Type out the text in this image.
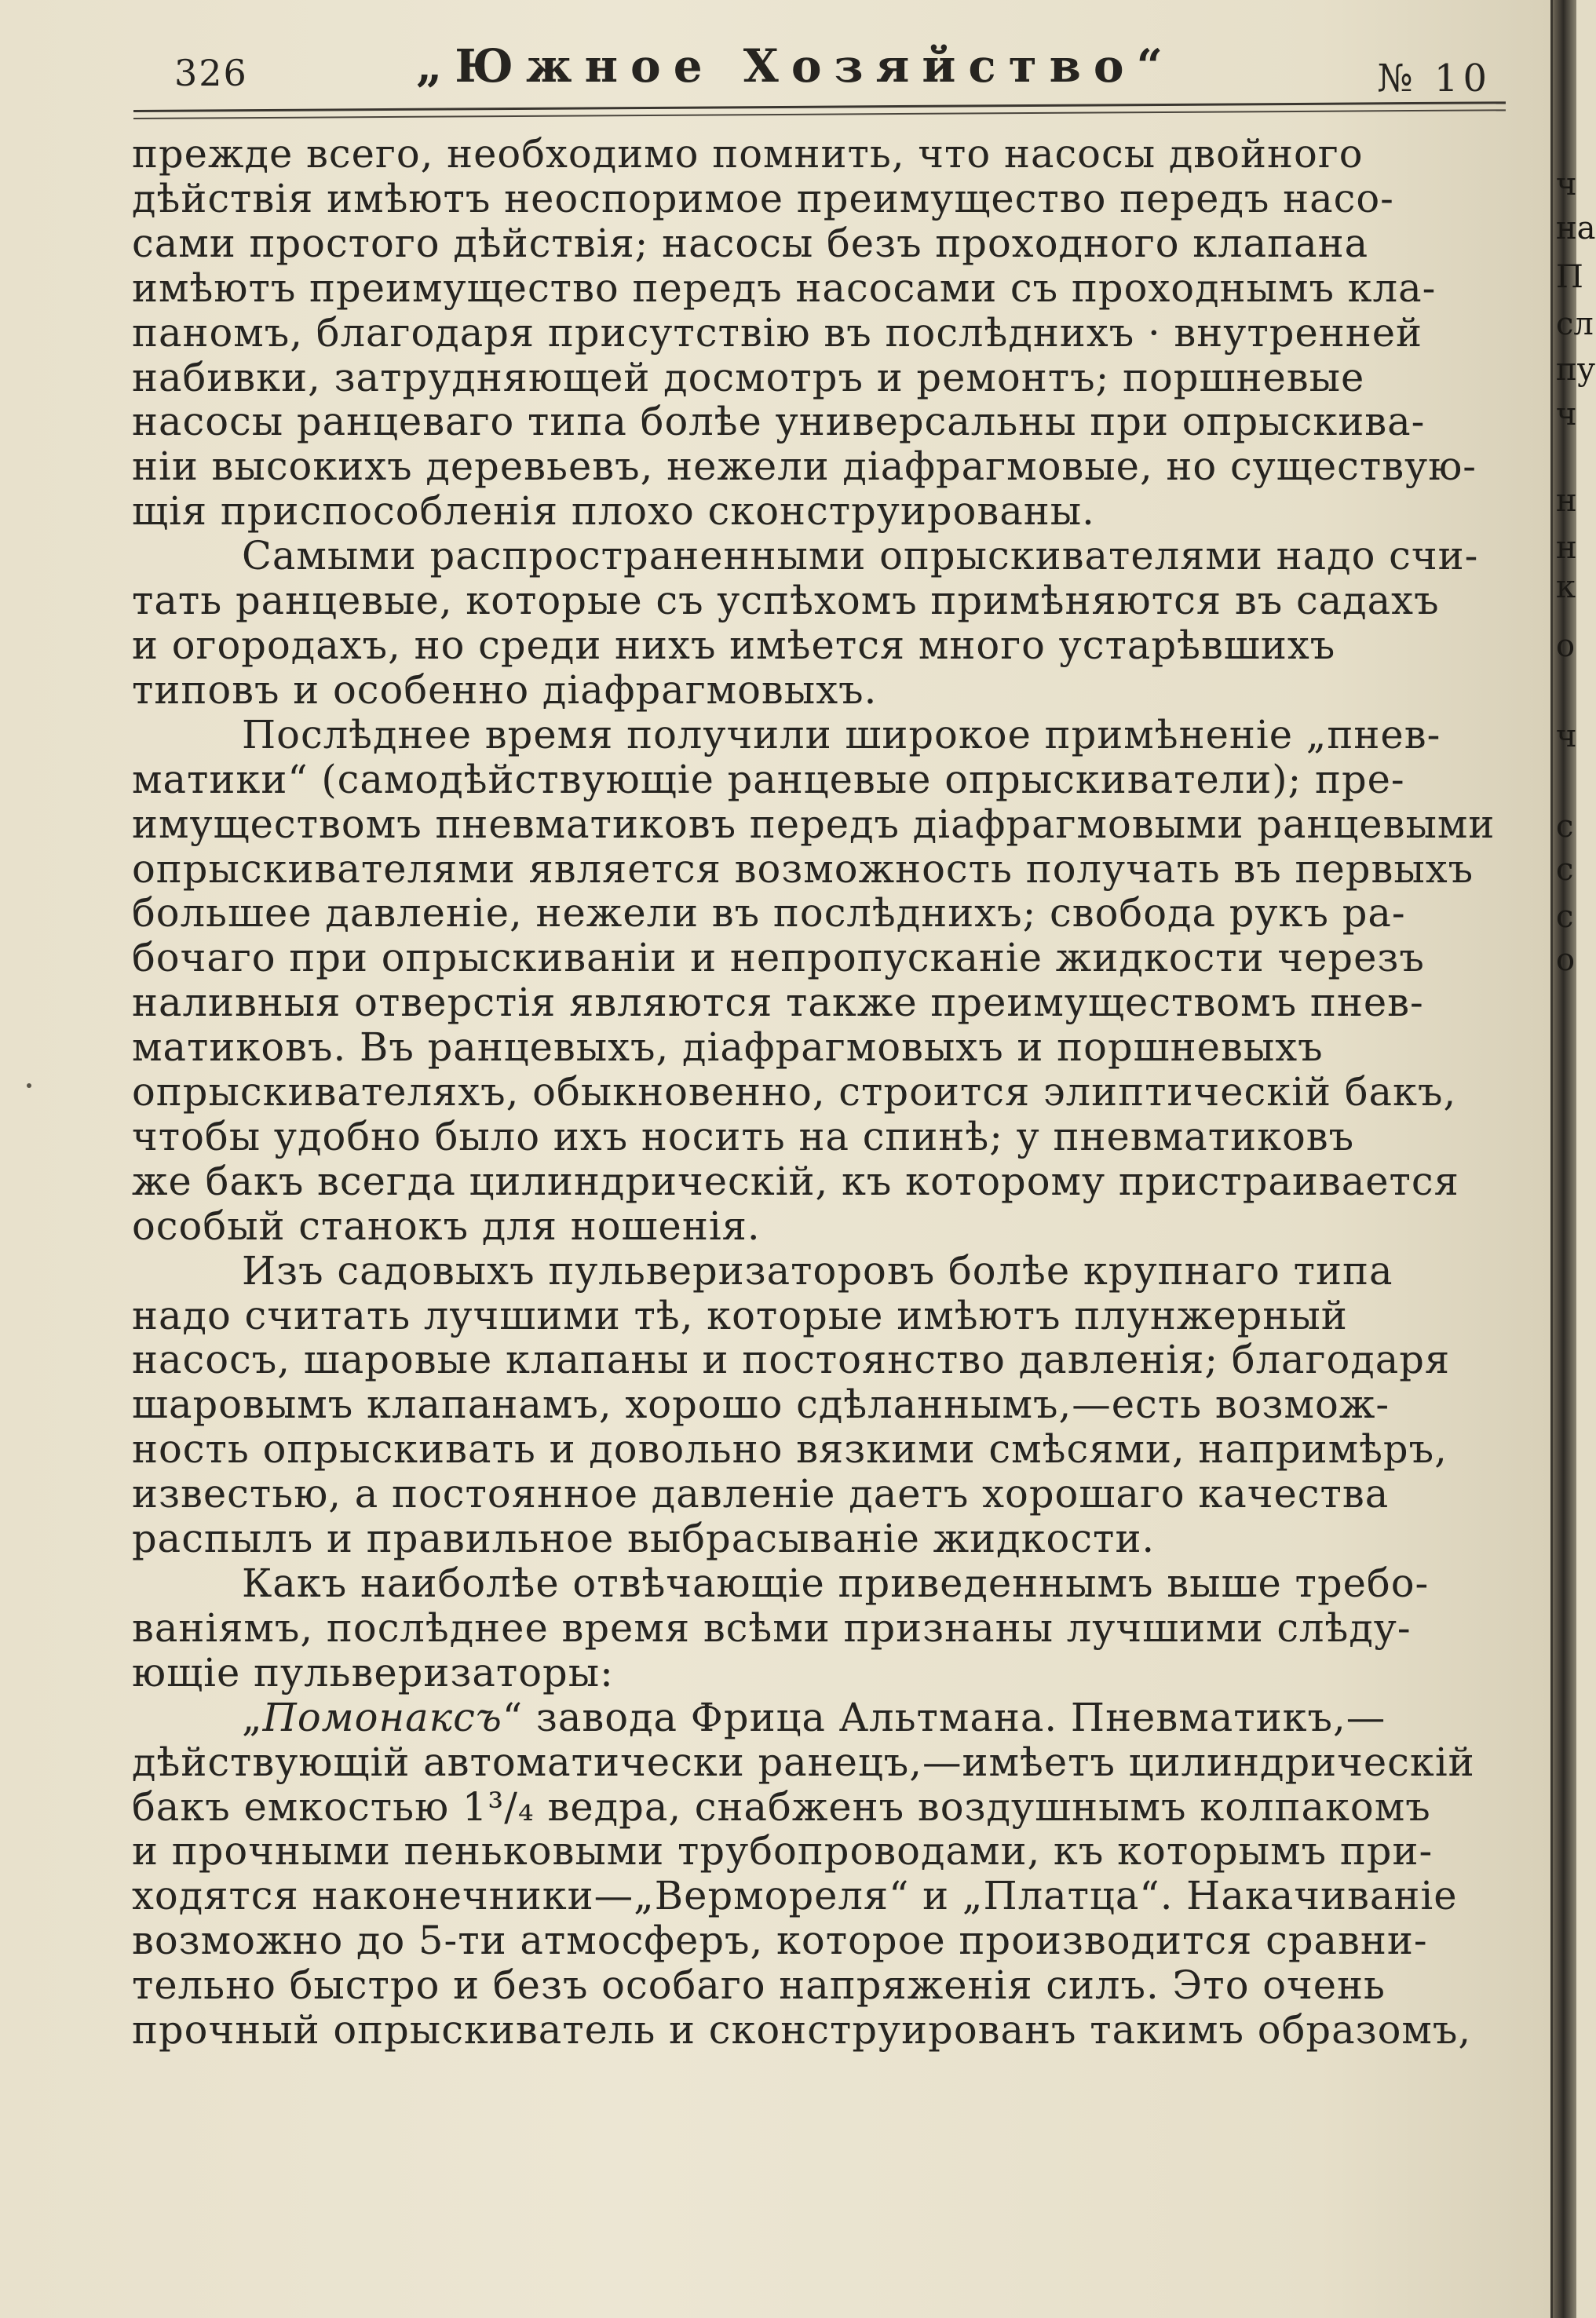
326	„Южное Хозяйство“	№ 10
прежде всего, необходимо помнить, что насосы двойного
дѣйствія имѣютъ неоспоримое преимущество передъ насо-
сами простого дѣйствія; насосы безъ проходного клапана
имѣютъ преимущество передъ насосами съ проходнымъ кла-
паномъ, благодаря присутствію въ послѣднихъ · внутренней
набивки, затрудняющей досмотръ и ремонтъ; поршневые
насосы ранцеваго типа болѣе универсальны при опрыскива-
ніи высокихъ деревьевъ, нежели діафрагмовые, но существую-
щія приспособленія плохо сконструированы.
Самыми распространенными опрыскивателями надо счи-
тать ранцевые, которые съ успѣхомъ примѣняются въ садахъ
и огородахъ, но среди нихъ имѣется много устарѣвшихъ
типовъ и особенно діафрагмовыхъ.
Послѣднее время получили широкое примѣненіе „пнев-
матики“ (самодѣйствующіе ранцевые опрыскиватели); пре-
имуществомъ пневматиковъ передъ діафрагмовыми ранцевыми
опрыскивателями является возможность получать въ первыхъ
большее давленіе, нежели въ послѣднихъ; свобода рукъ ра-
бочаго при опрыскиваніи и непропусканіе жидкости черезъ
наливныя отверстія являются также преимуществомъ пнев-
матиковъ. Въ ранцевыхъ, діафрагмовыхъ и поршневыхъ
опрыскивателяхъ, обыкновенно, строится элиптическій бакъ,
чтобы удобно было ихъ носить на спинѣ; у пневматиковъ
же бакъ всегда цилиндрическій, къ которому пристраивается
особый станокъ для ношенія.
Изъ садовыхъ пульверизаторовъ болѣе крупнаго типа
надо считать лучшими тѣ, которые имѣютъ плунжерный
насосъ, шаровые клапаны и постоянство давленія; благодаря
шаровымъ клапанамъ, хорошо сдѣланнымъ,—есть возмож-
ность опрыскивать и довольно вязкими смѣсями, напримѣръ,
известью, а постоянное давленіе даетъ хорошаго качества
распылъ и правильное выбрасываніе жидкости.
Какъ наиболѣе отвѣчающіе приведеннымъ выше требо-
ваніямъ, послѣднее время всѣми признаны лучшими слѣду-
ющіе пульверизаторы:
„Помонаксъ“ завода Фрица Альтмана. Пневматикъ,—
дѣйствующій автоматически ранецъ,—имѣетъ цилиндрическій
бакъ емкостью 1³/₄ ведра, снабженъ воздушнымъ колпакомъ
и прочными пеньковыми трубопроводами, къ которымъ при-
ходятся наконечники—„Вермореля“ и „Платца“. Накачиваніе
возможно до 5-ти атмосферъ, которое производится сравни-
тельно быстро и безъ особаго напряженія силъ. Это очень
прочный опрыскиватель и сконструированъ такимъ образомъ,
ч
на
П
сл
пу
ч
н
н
к
о
ч
с
с
с
о
